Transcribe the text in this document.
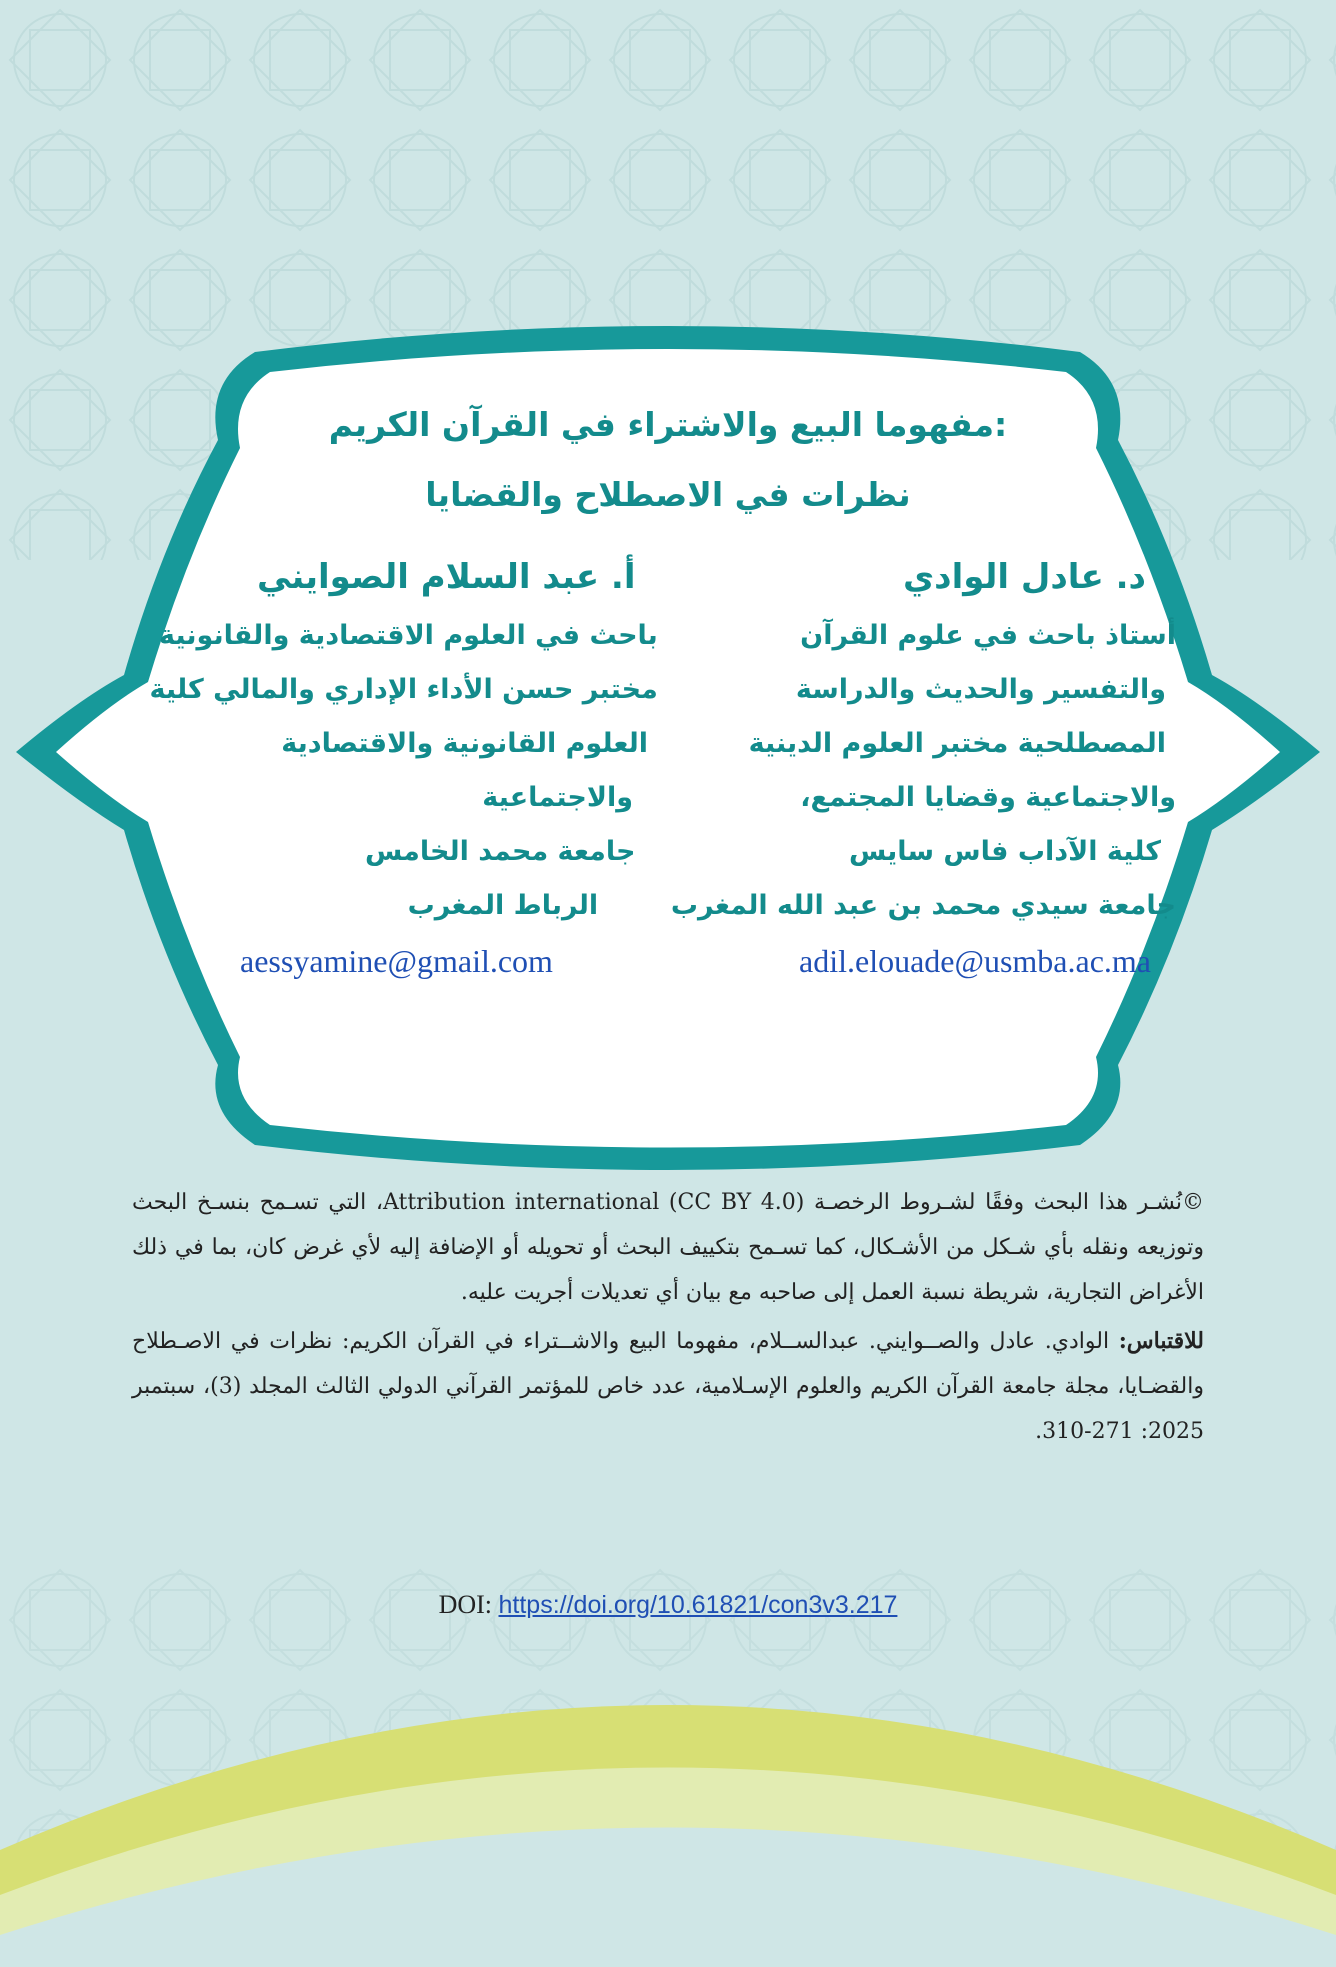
مفهوما البيع والاشتراء في القرآن الكريم:
نظرات في الاصطلاح والقضايا
د. عادل الوادي
أ. عبد السلام الصوايني
أستاذ باحث في علوم القرآن
باحث في العلوم الاقتصادية والقانونية
والتفسير والحديث والدراسة
مختبر حسن الأداء الإداري والمالي كلية
المصطلحية مختبر العلوم الدينية
العلوم القانونية والاقتصادية
والاجتماعية وقضايا المجتمع،
والاجتماعية
كلية الآداب فاس سايس
جامعة محمد الخامس
جامعة سيدي محمد بن عبد الله المغرب
الرباط المغرب
aessyamine@gmail.com	adil.elouade@usmba.ac.ma

©نُشـر هذا البحث وفقًا لشـروط الرخصـة (Attribution international (CC BY 4.0، التي تسـمح بنسـخ البحث وتوزيعه ونقله بأي شـكل من الأشـكال، كما تسـمح بتكييف البحث أو تحويله أو الإضافة إليه لأي غرض كان، بما في ذلك الأغراض التجارية، شريطة نسبة العمل إلى صاحبه مع بيان أي تعديلات أجريت عليه.

للاقتباس: الوادي. عادل والصــوايني. عبدالســلام، مفهوما البيع والاشــتراء في القرآن الكريم: نظرات في الاصـطلاح والقضـايا، مجلة جامعة القرآن الكريم والعلوم الإسـلامية، عدد خاص للمؤتمر القرآني الدولي الثالث المجلد (3)، سبتمبر 2025: 271-310.

DOI: https://doi.org/10.61821/con3v3.217
